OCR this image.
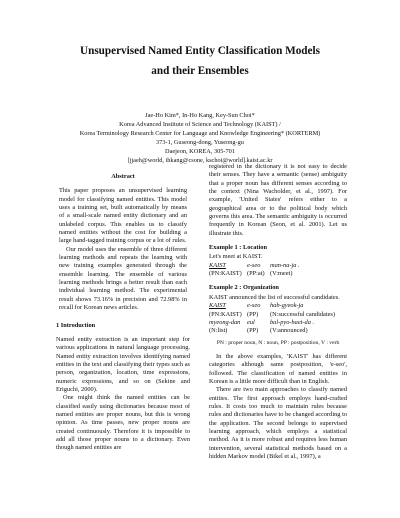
Unsupervised Named Entity Classification Models
and their Ensembles
Jae-Ho Kim*, In-Ho Kang, Key-Sun Choi*
Korea Advanced Institute of Science and Technology (KAIST) /
Korea Terminology Research Center for Language and Knowledge Engineering* (KORTERM)
373-1, Guseong-dong, Yuseong-gu
Daejeon, KOREA, 305-701
[jjaeh@world, ihkang@csone, kschoi@world].kaist.ac.kr
Abstract

This paper proposes an unsupervised learning model for classifying named entities. This model uses a training set, built automatically by means of a small-scale named entity dictionary and an unlabeled corpus. This enables us to classify named entities without the cost for building a large hand-tagged training corpus or a lot of rules.

Our model uses the ensemble of three different learning methods and repeats the learning with new training examples generated through the ensemble learning. The ensemble of various learning methods brings a better result than each individual learning method. The experimental result shows 73.16% in precision and 72.98% in recall for Korean news articles.

1 Introduction

Named entity extraction is an important step for various applications in natural language processing. Named entity extraction involves identifying named entities in the text and classifying their types such as person, organization, location, time expressions, numeric expressions, and so on (Sekine and Eriguchi, 2000).

One might think the named entities can be classified easily using dictionaries because most of named entities are proper nouns, but this is wrong opinion. As time passes, new proper nouns are created continuously. Therefore it is impossible to add all those proper nouns to a dictionary. Even though named entities are

registered in the dictionary it is not easy to decide their senses. They have a semantic (sense) ambiguity that a proper noun has different senses according to the context (Nina Wacholder, et al., 1997). For example, 'United States' refers either to a geographical area or to the political body which governs this area. The semantic ambiguity is occurred frequently in Korean (Seon, et al. 2001). Let us illustrate this.

Example 1 : Location
Let's meet at KAIST.
KAIST	e-seo	man-na-ja .
(PN:KAIST) (PP:at) (V:meet)
Example 2 : Organization
KAIST announced the list of successful candidates.
KAIST	e-seo	hab-gyeok-ja
(PN:KAIST) (PP)	(N:successful candidates)
myeong-dan	eul	bal-pyo-haet-da .
(N:list)	(PP)	(V:announced)
PN : proper noun, N : noun, PP : postposition, V : verb

In the above examples, 'KAIST' has different categories although same postposition, 'e-seo', followed. The classification of named entities in Korean is a little more difficult than in English.

There are two main approaches to classify named entities. The first approach employs hand-crafted rules. It costs too much to maintain rules because rules and dictionaries have to be changed according to the application. The second belongs to supervised learning approach, which employs a statistical method. As it is more robust and requires less human intervention, several statistical methods based on a hidden Markov model (Bikel et al., 1997), a
